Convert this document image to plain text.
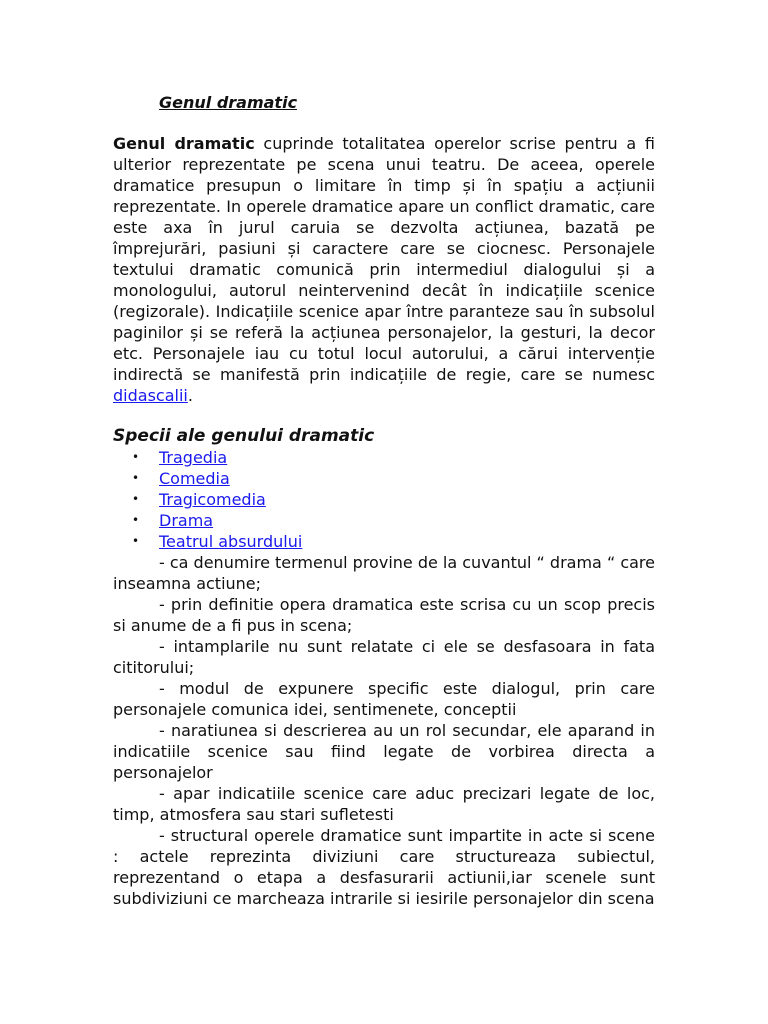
Genul dramatic

Genul dramatic cuprinde totalitatea operelor scrise pentru a fi ulterior reprezentate pe scena unui teatru. De aceea, operele dramatice presupun o limitare în timp și în spațiu a acțiunii reprezentate. In operele dramatice apare un conflict dramatic, care este axa în jurul caruia se dezvolta acțiunea, bazată pe împrejurări, pasiuni și caractere care se ciocnesc. Personajele textului dramatic comunică prin intermediul dialogului și a monologului, autorul neintervenind decât în indicațiile scenice (regizorale). Indicațiile scenice apar între paranteze sau în subsolul paginilor și se referă la acțiunea personajelor, la gesturi, la decor etc. Personajele iau cu totul locul autorului, a cărui intervenție indirectă se manifestă prin indicațiile de regie, care se numesc didascalii.

Specii ale genului dramatic
• Tragedia
• Comedia
• Tragicomedia
• Drama
• Teatrul absurdului

- ca denumire termenul provine de la cuvantul “ drama “ care inseamna actiune;

- prin definitie opera dramatica este scrisa cu un scop precis si anume de a fi pus in scena;

- intamplarile nu sunt relatate ci ele se desfasoara in fata cititorului;

- modul de expunere specific este dialogul, prin care personajele comunica idei, sentimenete, conceptii

- naratiunea si descrierea au un rol secundar, ele aparand in indicatiile scenice sau fiind legate de vorbirea directa a personajelor

- apar indicatiile scenice care aduc precizari legate de loc, timp, atmosfera sau stari sufletesti

- structural operele dramatice sunt impartite in acte si scene : actele reprezinta diviziuni care structureaza subiectul, reprezentand o etapa a desfasurarii actiunii,iar scenele sunt subdiviziuni ce marcheaza intrarile si iesirile personajelor din scena
